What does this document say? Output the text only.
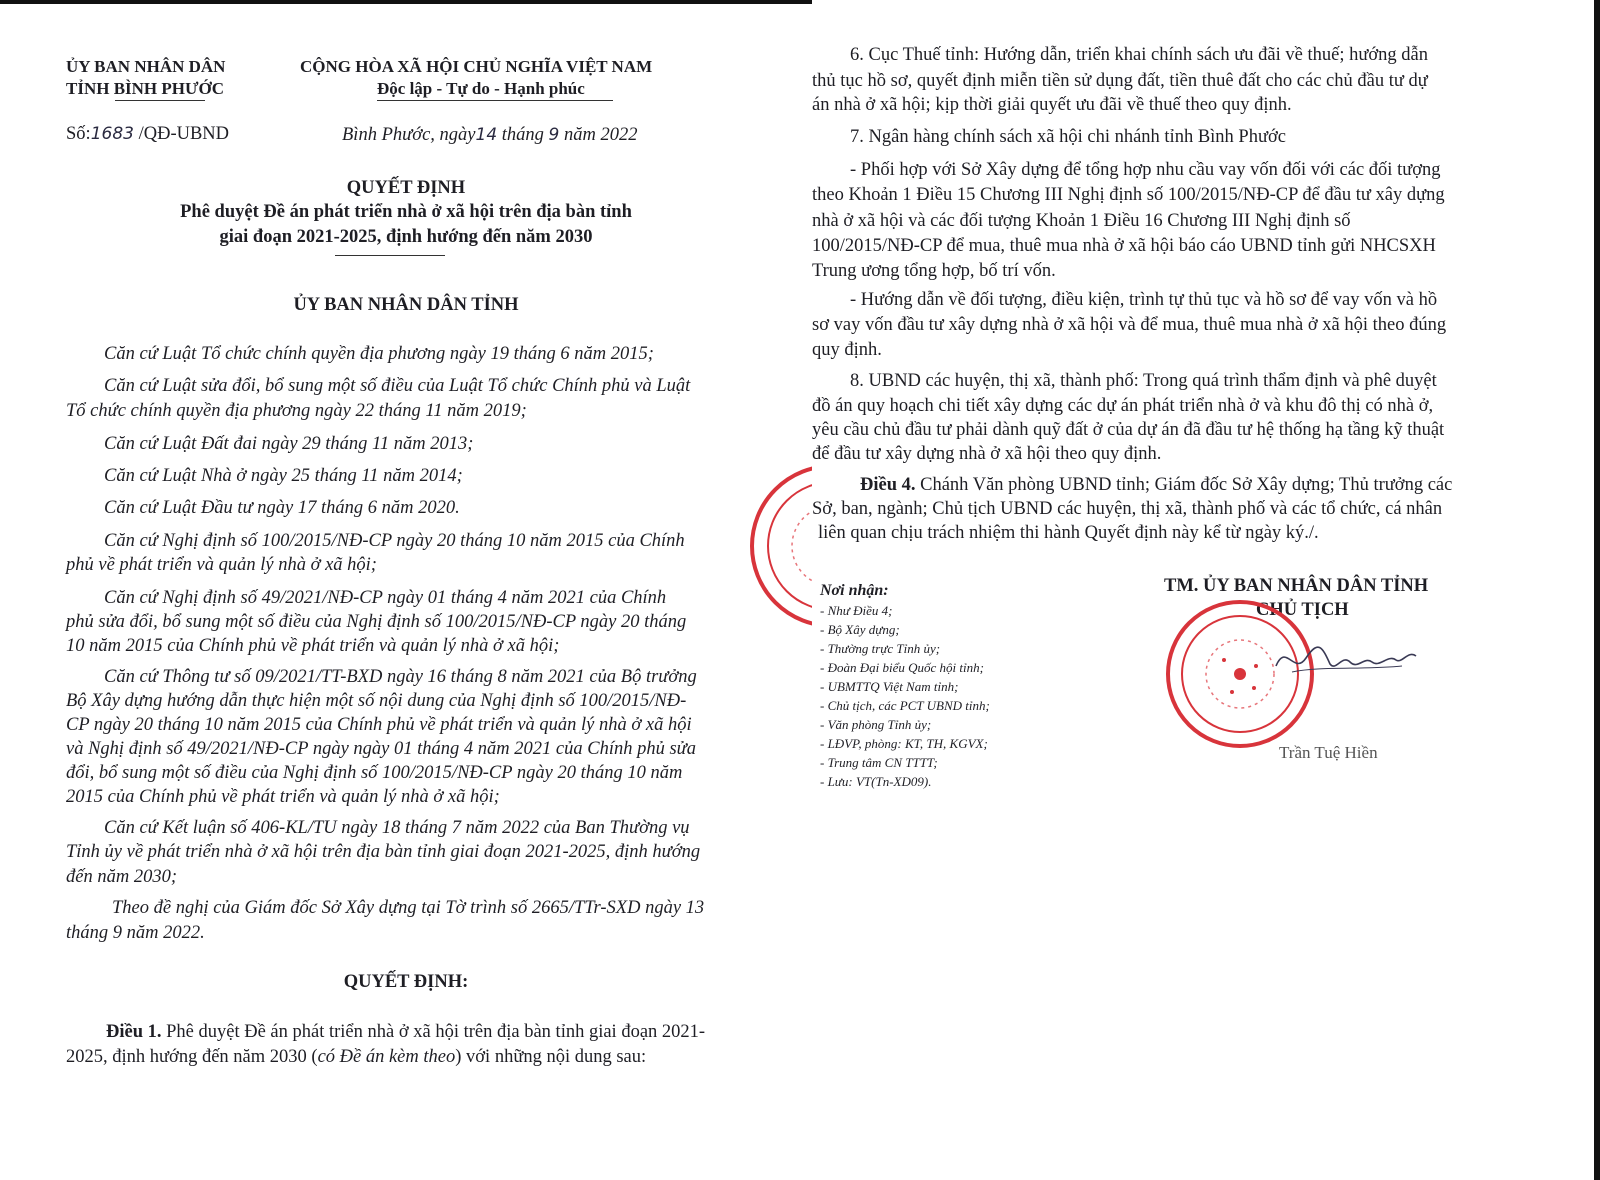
ỦY BAN NHÂN DÂN
TỈNH BÌNH PHƯỚC
CỘNG HÒA XÃ HỘI CHỦ NGHĨA VIỆT NAM
Độc lập - Tự do - Hạnh phúc
Số:1683 /QĐ-UBND	Bình Phước, ngày14 tháng 9 năm 2022
QUYẾT ĐỊNH
Phê duyệt Đề án phát triển nhà ở xã hội trên địa bàn tỉnh
giai đoạn 2021-2025, định hướng đến năm 2030
ỦY BAN NHÂN DÂN TỈNH
Căn cứ Luật Tổ chức chính quyền địa phương ngày 19 tháng 6 năm 2015;
Căn cứ Luật sửa đổi, bổ sung một số điều của Luật Tổ chức Chính phủ và Luật
Tổ chức chính quyền địa phương ngày 22 tháng 11 năm 2019;
Căn cứ Luật Đất đai ngày 29 tháng 11 năm 2013;
Căn cứ Luật Nhà ở ngày 25 tháng 11 năm 2014;
Căn cứ Luật Đầu tư ngày 17 tháng 6 năm 2020.
Căn cứ Nghị định số 100/2015/NĐ-CP ngày 20 tháng 10 năm 2015 của Chính
phủ về phát triển và quản lý nhà ở xã hội;
Căn cứ Nghị định số 49/2021/NĐ-CP ngày 01 tháng 4 năm 2021 của Chính
phủ sửa đổi, bổ sung một số điều của Nghị định số 100/2015/NĐ-CP ngày 20 tháng
10 năm 2015 của Chính phủ về phát triển và quản lý nhà ở xã hội;
Căn cứ Thông tư số 09/2021/TT-BXD ngày 16 tháng 8 năm 2021 của Bộ trưởng
Bộ Xây dựng hướng dẫn thực hiện một số nội dung của Nghị định số 100/2015/NĐ-
CP ngày 20 tháng 10 năm 2015 của Chính phủ về phát triển và quản lý nhà ở xã hội
và Nghị định số 49/2021/NĐ-CP ngày ngày 01 tháng 4 năm 2021 của Chính phủ sửa
đổi, bổ sung một số điều của Nghị định số 100/2015/NĐ-CP ngày 20 tháng 10 năm
2015 của Chính phủ về phát triển và quản lý nhà ở xã hội;
Căn cứ Kết luận số 406-KL/TU ngày 18 tháng 7 năm 2022 của Ban Thường vụ
Tỉnh ủy về phát triển nhà ở xã hội trên địa bàn tỉnh giai đoạn 2021-2025, định hướng
đến năm 2030;
Theo đề nghị của Giám đốc Sở Xây dựng tại Tờ trình số 2665/TTr-SXD ngày 13
tháng 9 năm 2022.
QUYẾT ĐỊNH:
Điều 1. Phê duyệt Đề án phát triển nhà ở xã hội trên địa bàn tỉnh giai đoạn 2021-
2025, định hướng đến năm 2030 (có Đề án kèm theo) với những nội dung sau:
6. Cục Thuế tỉnh: Hướng dẫn, triển khai chính sách ưu đãi về thuế; hướng dẫn
thủ tục hồ sơ, quyết định miễn tiền sử dụng đất, tiền thuê đất cho các chủ đầu tư dự
án nhà ở xã hội; kịp thời giải quyết ưu đãi về thuế theo quy định.
7. Ngân hàng chính sách xã hội chi nhánh tỉnh Bình Phước
- Phối hợp với Sở Xây dựng để tổng hợp nhu cầu vay vốn đối với các đối tượng
theo Khoản 1 Điều 15 Chương III Nghị định số 100/2015/NĐ-CP để đầu tư xây dựng
nhà ở xã hội và các đối tượng Khoản 1 Điều 16 Chương III Nghị định số
100/2015/NĐ-CP để mua, thuê mua nhà ở xã hội báo cáo UBND tỉnh gửi NHCSXH
Trung ương tổng hợp, bố trí vốn.
- Hướng dẫn về đối tượng, điều kiện, trình tự thủ tục và hồ sơ để vay vốn và hồ
sơ vay vốn đầu tư xây dựng nhà ở xã hội và để mua, thuê mua nhà ở xã hội theo đúng
quy định.
8. UBND các huyện, thị xã, thành phố: Trong quá trình thẩm định và phê duyệt
đồ án quy hoạch chi tiết xây dựng các dự án phát triển nhà ở và khu đô thị có nhà ở,
yêu cầu chủ đầu tư phải dành quỹ đất ở của dự án đã đầu tư hệ thống hạ tầng kỹ thuật
để đầu tư xây dựng nhà ở xã hội theo quy định.
Điều 4. Chánh Văn phòng UBND tỉnh; Giám đốc Sở Xây dựng; Thủ trưởng các
Sở, ban, ngành; Chủ tịch UBND các huyện, thị xã, thành phố và các tổ chức, cá nhân
liên quan chịu trách nhiệm thi hành Quyết định này kể từ ngày ký./.
Nơi nhận:
- Như Điều 4;
- Bộ Xây dựng;
- Thường trực Tỉnh ủy;
- Đoàn Đại biểu Quốc hội tỉnh;
- UBMTTQ Việt Nam tỉnh;
- Chủ tịch, các PCT UBND tỉnh;
- Văn phòng Tỉnh ủy;
- LĐVP, phòng: KT, TH, KGVX;
- Trung tâm CN TTTT;
- Lưu: VT(Tn-XD09).
TM. ỦY BAN NHÂN DÂN TỈNH
CHỦ TỊCH
Trần Tuệ Hiền
